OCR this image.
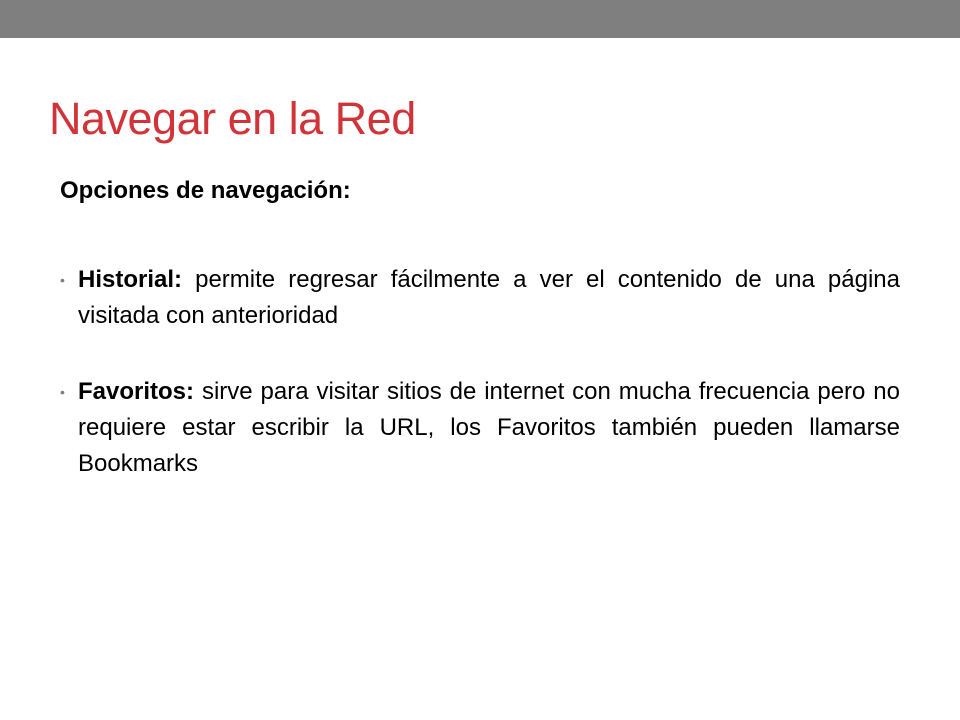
Navegar en la Red

Opciones de navegación:

• Historial: permite regresar fácilmente a ver el contenido de una página visitada con anterioridad
• Favoritos: sirve para visitar sitios de internet con mucha frecuencia pero no requiere estar escribir la URL, los Favoritos también pueden llamarse Bookmarks
